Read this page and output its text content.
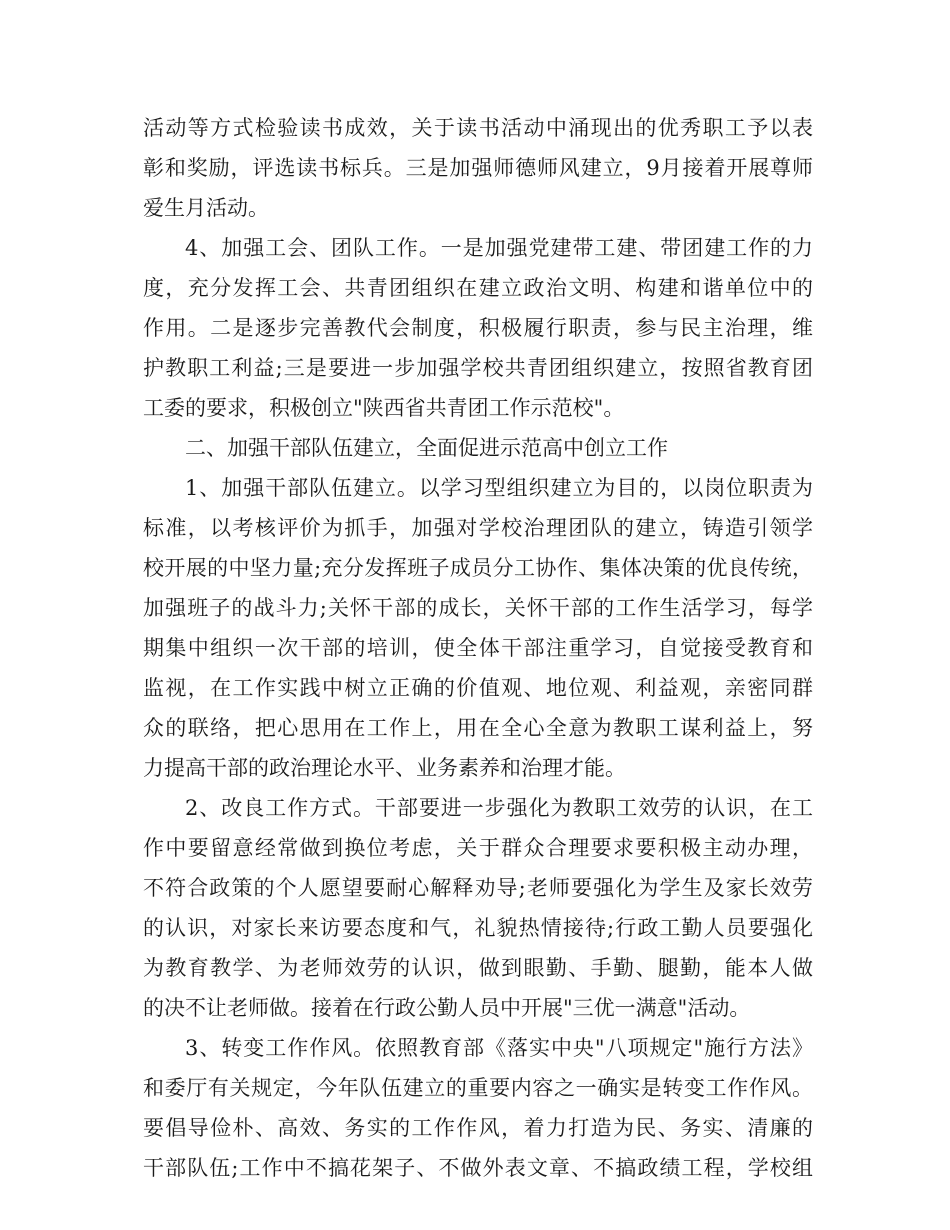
活动等方式检验读书成效，关于读书活动中涌现出的优秀职工予以表
彰和奖励，评选读书标兵。三是加强师德师风建立，9月接着开展尊师
爱生月活动。
4、加强工会、团队工作。一是加强党建带工建、带团建工作的力
度，充分发挥工会、共青团组织在建立政治文明、构建和谐单位中的
作用。二是逐步完善教代会制度，积极履行职责，参与民主治理，维
护教职工利益;三是要进一步加强学校共青团组织建立，按照省教育团
工委的要求，积极创立"陕西省共青团工作示范校"。
二、加强干部队伍建立，全面促进示范高中创立工作
1、加强干部队伍建立。以学习型组织建立为目的，以岗位职责为
标准，以考核评价为抓手，加强对学校治理团队的建立，铸造引领学
校开展的中坚力量;充分发挥班子成员分工协作、集体决策的优良传统，
加强班子的战斗力;关怀干部的成长，关怀干部的工作生活学习，每学
期集中组织一次干部的培训，使全体干部注重学习，自觉接受教育和
监视，在工作实践中树立正确的价值观、地位观、利益观，亲密同群
众的联络，把心思用在工作上，用在全心全意为教职工谋利益上，努
力提高干部的政治理论水平、业务素养和治理才能。
2、改良工作方式。干部要进一步强化为教职工效劳的认识，在工
作中要留意经常做到换位考虑，关于群众合理要求要积极主动办理，
不符合政策的个人愿望要耐心解释劝导;老师要强化为学生及家长效劳
的认识，对家长来访要态度和气，礼貌热情接待;行政工勤人员要强化
为教育教学、为老师效劳的认识，做到眼勤、手勤、腿勤，能本人做
的决不让老师做。接着在行政公勤人员中开展"三优一满意"活动。
3、转变工作作风。依照教育部《落实中央"八项规定"施行方法》
和委厅有关规定，今年队伍建立的重要内容之一确实是转变工作作风。
要倡导俭朴、高效、务实的工作作风，着力打造为民、务实、清廉的
干部队伍;工作中不搞花架子、不做外表文章、不搞政绩工程，学校组
